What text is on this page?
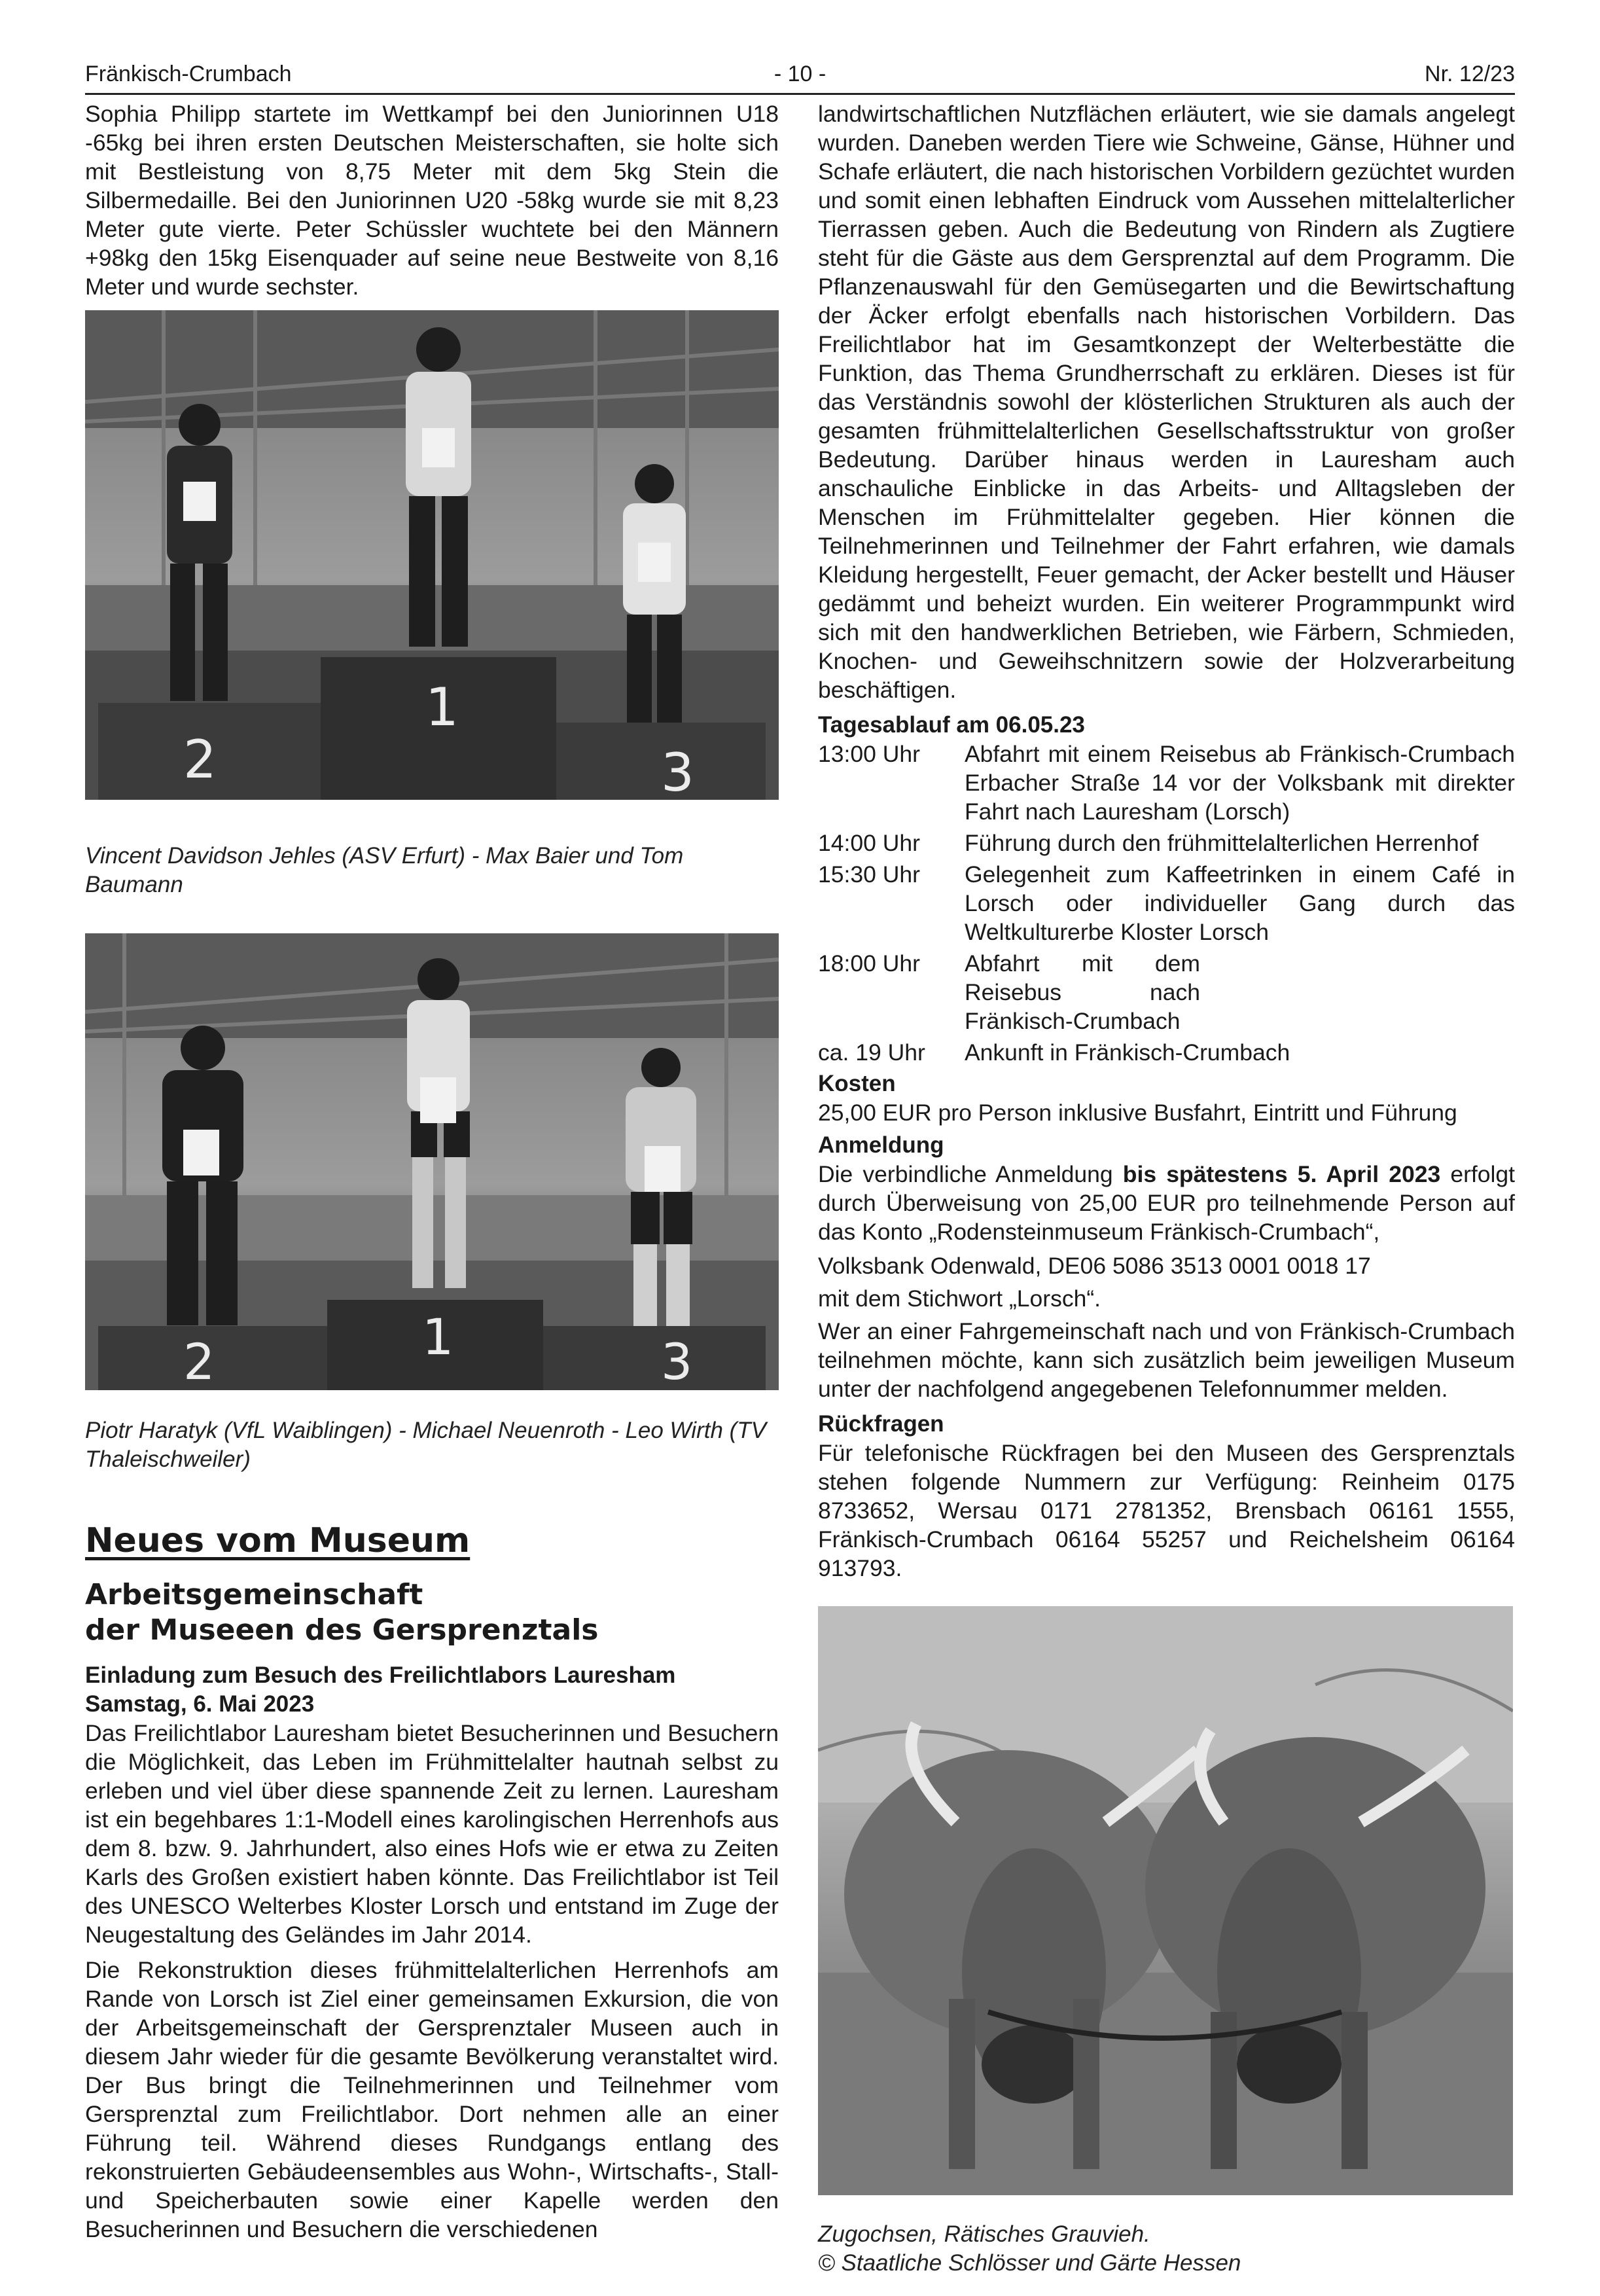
Fränkisch-Crumbach	- 10 -	Nr. 12/23

Sophia Philipp startete im Wettkampf bei den Juniorinnen U18 -65kg bei ihren ersten Deutschen Meisterschaften, sie holte sich mit Bestleistung von 8,75 Meter mit dem 5kg Stein die Silbermedaille. Bei den Juniorinnen U20 -58kg wurde sie mit 8,23 Meter gute vierte. Peter Schüssler wuchtete bei den Männern +98kg den 15kg Eisenquader auf seine neue Bestweite von 8,16 Meter und wurde sechster.

1
2	3
Vincent Davidson Jehles (ASV Erfurt) - Max Baier und Tom Baumann
1
2	3
Piotr Haratyk (VfL Waiblingen) - Michael Neuenroth - Leo Wirth (TV Thaleischweiler)
Neues vom Museum
Arbeitsgemeinschaft
der Museeen des Gersprenztals
Einladung zum Besuch des Freilichtlabors Lauresham
Samstag, 6. Mai 2023

Das Freilichtlabor Lauresham bietet Besucherinnen und Besuchern die Möglichkeit, das Leben im Frühmittelalter hautnah selbst zu erleben und viel über diese spannende Zeit zu lernen. Lauresham ist ein begehbares 1:1-Modell eines karolingischen Herrenhofs aus dem 8. bzw. 9. Jahrhundert, also eines Hofs wie er etwa zu Zeiten Karls des Großen existiert haben könnte. Das Freilichtlabor ist Teil des UNESCO Welterbes Kloster Lorsch und entstand im Zuge der Neugestaltung des Geländes im Jahr 2014.

Die Rekonstruktion dieses frühmittelalterlichen Herrenhofs am Rande von Lorsch ist Ziel einer gemeinsamen Exkursion, die von der Arbeitsgemeinschaft der Gersprenztaler Museen auch in diesem Jahr wieder für die gesamte Bevölkerung veranstaltet wird. Der Bus bringt die Teilnehmerinnen und Teilnehmer vom Gersprenztal zum Freilichtlabor. Dort nehmen alle an einer Führung teil. Während dieses Rundgangs entlang des rekonstruierten Gebäudeensembles aus Wohn-, Wirtschafts-, Stall- und Speicherbauten sowie einer Kapelle werden den Besucherinnen und Besuchern die verschiedenen

landwirtschaftlichen Nutzflächen erläutert, wie sie damals angelegt wurden. Daneben werden Tiere wie Schweine, Gänse, Hühner und Schafe erläutert, die nach historischen Vorbildern gezüchtet wurden und somit einen lebhaften Eindruck vom Aussehen mittelalterlicher Tierrassen geben. Auch die Bedeutung von Rindern als Zugtiere steht für die Gäste aus dem Gersprenztal auf dem Programm. Die Pflanzenauswahl für den Gemüsegarten und die Bewirtschaftung der Äcker erfolgt ebenfalls nach historischen Vorbildern. Das Freilichtlabor hat im Gesamtkonzept der Welterbestätte die Funktion, das Thema Grundherrschaft zu erklären. Dieses ist für das Verständnis sowohl der klösterlichen Strukturen als auch der gesamten frühmittelalterlichen Gesellschaftsstruktur von großer Bedeutung. Darüber hinaus werden in Lauresham auch anschauliche Einblicke in das Arbeits- und Alltagsleben der Menschen im Frühmittelalter gegeben. Hier können die Teilnehmerinnen und Teilnehmer der Fahrt erfahren, wie damals Kleidung hergestellt, Feuer gemacht, der Acker bestellt und Häuser gedämmt und beheizt wurden. Ein weiterer Programmpunkt wird sich mit den handwerklichen Betrieben, wie Färbern, Schmieden, Knochen- und Geweihschnitzern sowie der Holzverarbeitung beschäftigen.

Tagesablauf am 06.05.23
13:00 Uhr	Abfahrt mit einem Reisebus ab Fränkisch-Crumbach Erbacher Straße 14 vor der Volksbank mit direkter Fahrt nach Lauresham (Lorsch)
14:00 Uhr	Führung durch den frühmittelalterlichen Herrenhof
15:30 Uhr	Gelegenheit zum Kaffeetrinken in einem Café in Lorsch oder individueller Gang durch das Weltkulturerbe Kloster Lorsch
18:00 Uhr	Abfahrt mit dem Reisebus nach Fränkisch-Crumbach
ca. 19 Uhr	Ankunft in Fränkisch-Crumbach
Kosten
25,00 EUR pro Person inklusive Busfahrt, Eintritt und Führung
Anmeldung

Die verbindliche Anmeldung bis spätestens 5. April 2023 erfolgt durch Überweisung von 25,00 EUR pro teilnehmende Person auf das Konto „Rodensteinmuseum Fränkisch-Crumbach“,

Volksbank Odenwald, DE06 5086 3513 0001 0018 17
mit dem Stichwort „Lorsch“.

Wer an einer Fahrgemeinschaft nach und von Fränkisch-Crumbach teilnehmen möchte, kann sich zusätzlich beim jeweiligen Museum unter der nachfolgend angegebenen Telefonnummer melden.

Rückfragen

Für telefonische Rückfragen bei den Museen des Gersprenztals stehen folgende Nummern zur Verfügung: Reinheim 0175 8733652, Wersau 0171 2781352, Brensbach 06161 1555, Fränkisch-Crumbach 06164 55257 und Reichelsheim 06164 913793.

Zugochsen, Rätisches Grauvieh.
© Staatliche Schlösser und Gärte Hessen
